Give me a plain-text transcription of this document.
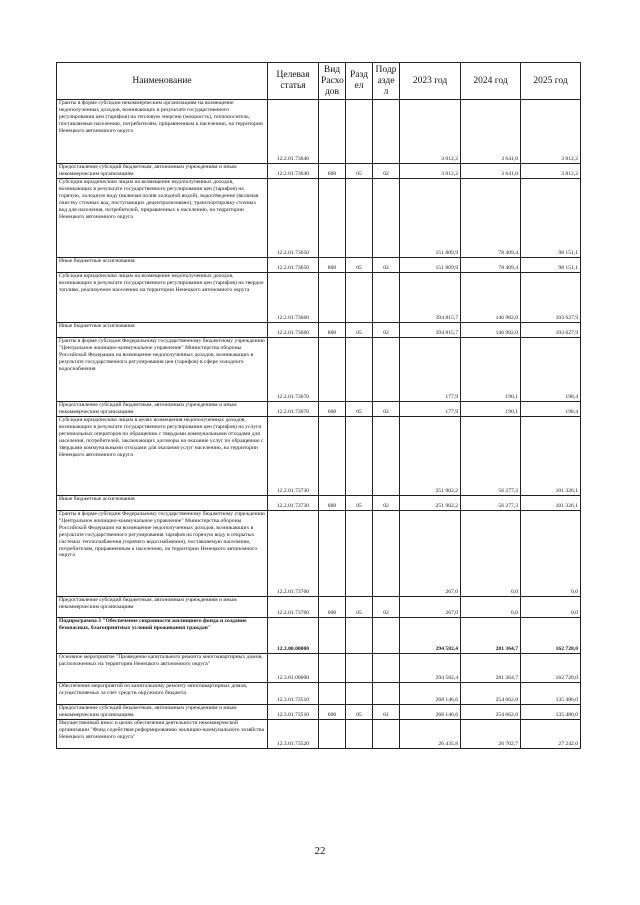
Наименование	Целевая статья	Вид Расхо дов	Разд ел	Подр азде л	2023 год	2024 год	2025 год
Гранты в форме субсидии некоммерческим организациям на возмещение недополученных доходов, возникающих в результате государственного регулирования цен (тарифов) на тепловую энергию (мощность), теплоноситель, поставляемые населению, потребителям, приравненным к населению, на территории Ненецкого автономного округа	12.2.01.73640				3 012,2	3 641,0	3 812,2
Предоставление субсидий бюджетным, автономным учреждениям и иным некоммерческим организациям	12.2.01.73640	600	05	02	3 012,2	3 641,0	3 812,2
Субсидии юридическим лицам на возмещение недополученных доходов, возникающих в результате государственного регулирования цен (тарифов) на горячую, холодную воду (включая полив холодной водой), водоотведение (включая очистку сточных вод, поступающих децентрализовано), транспортировку сточных вод для населения, потребителей, приравненных к населению, на территории Ненецкого автономного округа	12.2.01.73650				151 809,9	78 409,4	98 151,1
Иные бюджетные ассигнования	12.2.01.73650	800	05	02	151 809,9	78 409,4	98 151,1
Субсидии юридическим лицам на возмещение недополученных доходов, возникающих в результате государственного регулирования цен (тарифов) на твердое топливо, реализуемое населению на территории Ненецкого автономного округа	12.2.01.73660				394 815,7	146 982,0	103 627,9
Иные бюджетные ассигнования	12.2.01.73660	800	05	02	394 815,7	146 982,0	103 627,9
Гранты в форме субсидии Федеральному государственному бюджетному учреждению "Центральное жилищно-коммунальное управление" Министерства обороны Российской Федерации на возмещение недополученных доходов, возникающих в результате государственного регулирования цен (тарифов) в сфере холодного водоснабжения	12.2.01.73670				177,9	190,1	198,4
Предоставление субсидий бюджетным, автономным учреждениям и иным некоммерческим организациям	12.2.01.73670	600	05	02	177,9	190,1	198,4
Субсидии юридическим лицам в целях возмещения недополученных доходов, возникающих в результате государственного регулирования цен (тарифов) на услуги региональных операторов по обращению с твердыми коммунальными отходами для населения, потребителей, заключающих договоры на оказание услуг по обращению с твердыми коммунальными отходами для оказания услуг населению, на территории Ненецкого автономного округа	12.2.01.73730				251 902,2	56 277,3	101 326,1
Иные бюджетные ассигнования	12.2.01.73730	800	05	02	251 902,2	56 277,3	101 326,1
Гранты в форме субсидии Федеральному государственному бюджетному учреждению "Центральное жилищно-коммунальное управление" Министерства обороны Российской Федерации на возмещение недополученных доходов, возникающих в результате государственного регулирования тарифов на горячую воду в открытых системах теплоснабжения (горячего водоснабжения), поставляемую населению, потребителям, приравненным к населению, на территории Ненецкого автономного округа	12.2.01.73760				267,0	0,0	0,0
Предоставление субсидий бюджетным, автономным учреждениям и иным некоммерческим организациям	12.2.01.73760	600	05	02	267,0	0,0	0,0
Подпрограмма 3 "Обеспечение сохранности жилищного фонда и создание безопасных, благоприятных условий проживания граждан"	12.3.00.00000				294 582,4	281 364,7	162 728,0
Основное мероприятие "Проведение капитального ремонта многоквартирных домов, расположенных на территории Ненецкого автономного округа"	12.3.01.00000				294 582,4	281 364,7	162 728,0
Обеспечение мероприятий по капитальному ремонту многоквартирных домов, осуществляемых за счет средств окружного бюджета	12.3.01.73510				268 146,6	254 662,0	135 486,0
Предоставление субсидий бюджетным, автономным учреждениям и иным некоммерческим организациям	12.3.01.73510	600	05	01	268 146,6	254 662,0	135 486,0
Имущественный взнос в целях обеспечения деятельности некоммерческой организации "Фонд содействия реформированию жилищно-коммунального хозяйства Ненецкого автономного округа"	12.3.01.73520				26 435,8	26 702,7	27 242,0
22
